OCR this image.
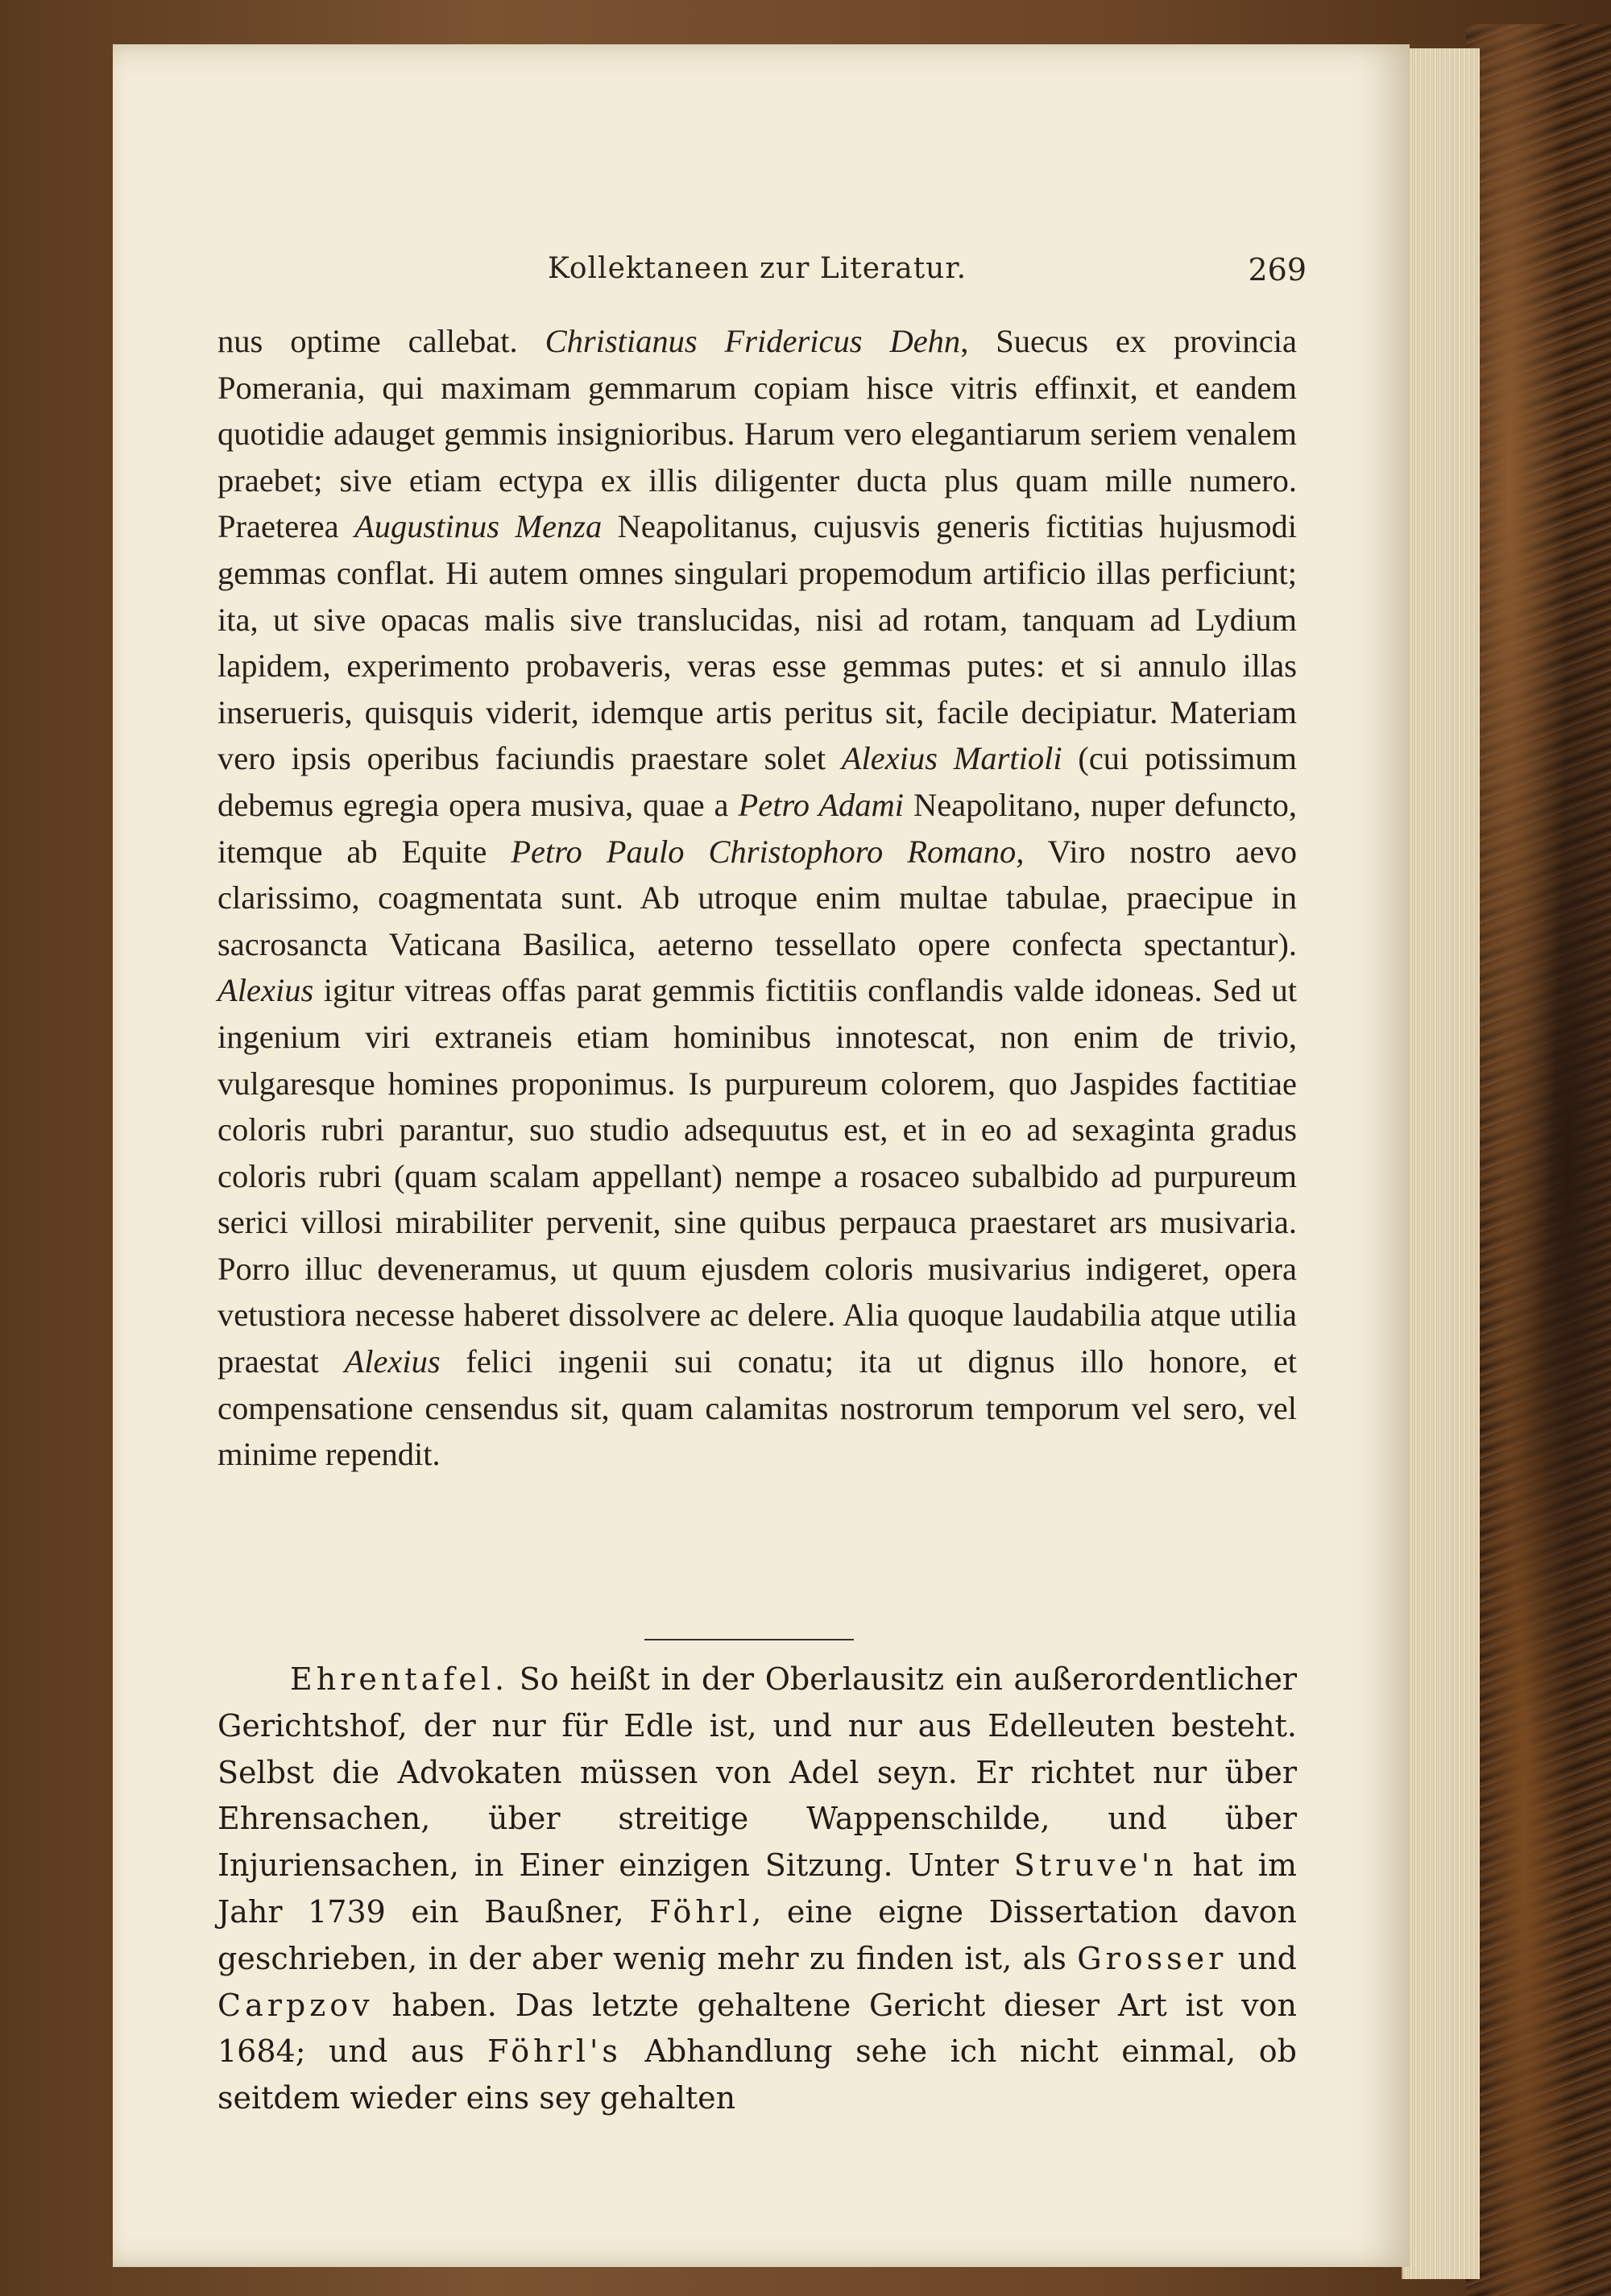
Kollektaneen zur Literatur.	269

nus optime callebat. Christianus Fridericus Dehn, Suecus ex provincia Pomerania, qui maximam gemmarum copiam hisce vitris effinxit, et eandem quotidie adauget gemmis insignioribus. Harum vero elegantiarum seriem venalem praebet; sive etiam ectypa ex illis diligenter ducta plus quam mille numero. Praeterea Augustinus Menza Neapolitanus, cujusvis generis fictitias hujusmodi gemmas conflat. Hi autem omnes singulari propemodum artificio illas perficiunt; ita, ut sive opacas malis sive translucidas, nisi ad rotam, tanquam ad Lydium lapidem, experimento probaveris, veras esse gemmas putes: et si annulo illas inserueris, quisquis viderit, idemque artis peritus sit, facile decipiatur. Materiam vero ipsis operibus faciundis praestare solet Alexius Martioli (cui potissimum debemus egregia opera musiva, quae a Petro Adami Neapolitano, nuper defuncto, itemque ab Equite Petro Paulo Christophoro Romano, Viro nostro aevo clarissimo, coagmentata sunt. Ab utroque enim multae tabulae, praecipue in sacrosancta Vaticana Basilica, aeterno tessellato opere confecta spectantur). Alexius igitur vitreas offas parat gemmis fictitiis conflandis valde idoneas. Sed ut ingenium viri extraneis etiam hominibus innotescat, non enim de trivio, vulgaresque homines proponimus. Is purpureum colorem, quo Jaspides factitiae coloris rubri parantur, suo studio adsequutus est, et in eo ad sexaginta gradus coloris rubri (quam scalam appellant) nempe a rosaceo subalbido ad purpureum serici villosi mirabiliter pervenit, sine quibus perpauca praestaret ars musivaria. Porro illuc deveneramus, ut quum ejusdem coloris musivarius indigeret, opera vetustiora necesse haberet dissolvere ac delere. Alia quoque laudabilia atque utilia praestat Alexius felici ingenii sui conatu; ita ut dignus illo honore, et compensatione censendus sit, quam calamitas nostrorum temporum vel sero, vel minime rependit.

Ehrentafel. So heißt in der Oberlausitz ein außerordentlicher Gerichtshof, der nur für Edle ist, und nur aus Edelleuten besteht. Selbst die Advokaten müssen von Adel seyn. Er richtet nur über Ehrensachen, über streitige Wappenschilde, und über Injuriensachen, in Einer einzigen Sitzung. Unter Struve'n hat im Jahr 1739 ein Baußner, Föhrl, eine eigne Dissertation davon geschrieben, in der aber wenig mehr zu finden ist, als Grosser und Carpzov haben. Das letzte gehaltene Gericht dieser Art ist von 1684; und aus Föhrl's Abhandlung sehe ich nicht einmal, ob seitdem wieder eins sey gehalten
